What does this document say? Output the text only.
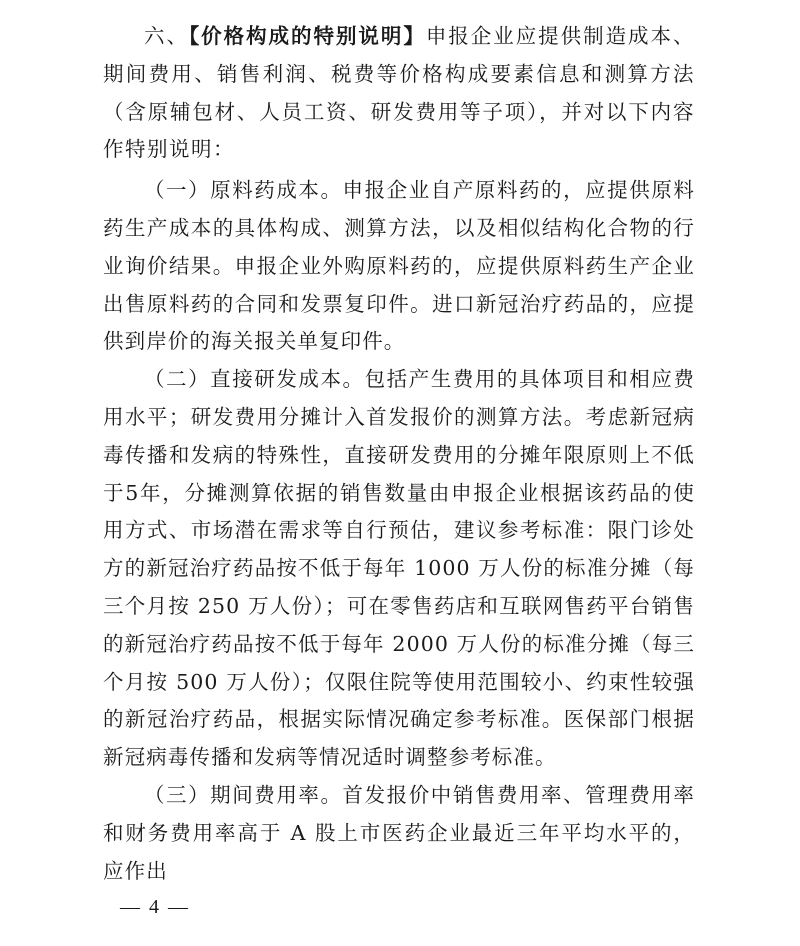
六、【价格构成的特别说明】申报企业应提供制造成本、期间费用、销售利润、税费等价格构成要素信息和测算方法（含原辅包材、人员工资、研发费用等子项），并对以下内容作特别说明：

（一）原料药成本。申报企业自产原料药的，应提供原料药生产成本的具体构成、测算方法，以及相似结构化合物的行业询价结果。申报企业外购原料药的，应提供原料药生产企业出售原料药的合同和发票复印件。进口新冠治疗药品的，应提供到岸价的海关报关单复印件。

（二）直接研发成本。包括产生费用的具体项目和相应费用水平；研发费用分摊计入首发报价的测算方法。考虑新冠病毒传播和发病的特殊性，直接研发费用的分摊年限原则上不低于5年，分摊测算依据的销售数量由申报企业根据该药品的使用方式、市场潜在需求等自行预估，建议参考标准：限门诊处方的新冠治疗药品按不低于每年 1000 万人份的标准分摊（每三个月按 250 万人份）；可在零售药店和互联网售药平台销售的新冠治疗药品按不低于每年 2000 万人份的标准分摊（每三个月按 500 万人份）；仅限住院等使用范围较小、约束性较强的新冠治疗药品，根据实际情况确定参考标准。医保部门根据新冠病毒传播和发病等情况适时调整参考标准。

（三）期间费用率。首发报价中销售费用率、管理费用率和财务费用率高于 A 股上市医药企业最近三年平均水平的，应作出

— 4 —
